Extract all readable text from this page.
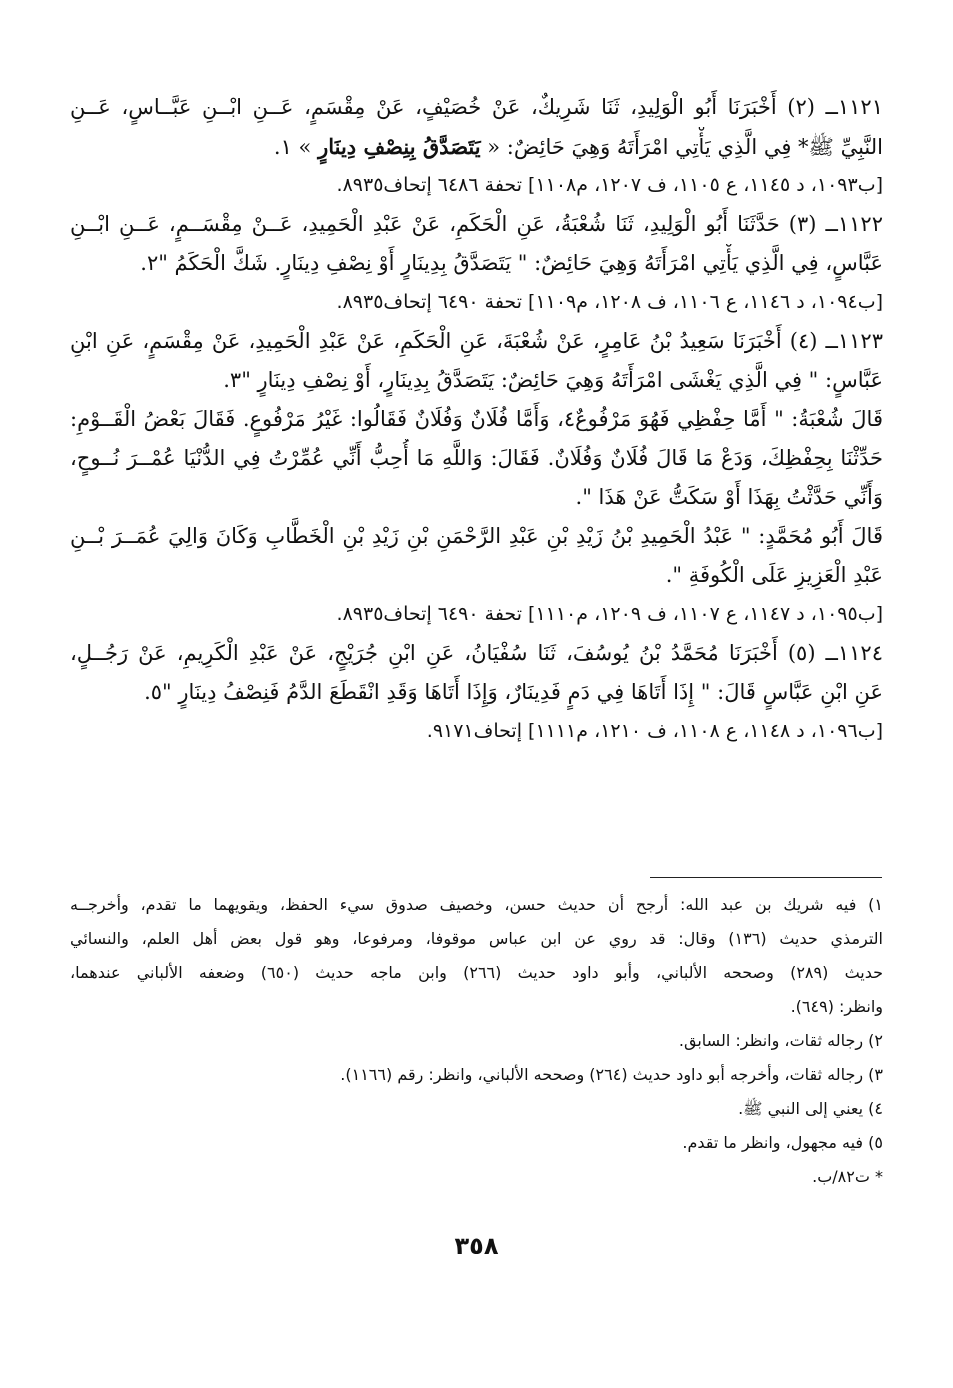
١١٢١ــ (٢) أَخْبَرَنَا أَبُو الْوَلِيدِ، ثَنَا شَرِيكٌ، عَنْ خُصَيْفٍ، عَنْ مِقْسَمٍ، عَــنِ ابْــنِ عَبَّــاسٍ، عَــنِ
النَّبِيِّ ﷺ* فِي الَّذِي يَأْتِي امْرَأَتَهُ وَهِيَ حَائِضٌ: « يَتَصَدَّقُ بِنِصْفِ دِينَارٍ » ١.
[ب١٠٩٣، د ١١٤٥، ع ١١٠٥، ف ١٢٠٧، م١١٠٨] تحفة ٦٤٨٦ إتحاف٨٩٣٥.
١١٢٢ــ (٣) حَدَّثَنَا أَبُو الْوَلِيدِ، ثَنَا شُعْبَةُ، عَنِ الْحَكَمِ، عَنْ عَبْدِ الْحَمِيدِ، عَــنْ مِقْسَــمٍ، عَــنِ ابْــنِ
عَبَّاسٍ، فِي الَّذِي يَأْتِي امْرَأَتَهُ وَهِيَ حَائِضٌ: " يَتَصَدَّقُ بِدِينَارٍ أَوْ نِصْفِ دِينَارٍ. شَكَّ الْحَكَمُ "٢.
[ب١٠٩٤، د ١١٤٦، ع ١١٠٦، ف ١٢٠٨، م١١٠٩] تحفة ٦٤٩٠ إتحاف٨٩٣٥.
١١٢٣ــ (٤) أَخْبَرَنَا سَعِيدُ بْنُ عَامِرٍ، عَنْ شُعْبَةَ، عَنِ الْحَكَمِ، عَنْ عَبْدِ الْحَمِيدِ، عَنْ مِقْسَمٍ، عَنِ ابْنِ
عَبَّاسٍ: " فِي الَّذِي يَغْشَى امْرَأَتَهُ وَهِيَ حَائِضٌ: يَتَصَدَّقُ بِدِينَارٍ، أَوْ نِصْفِ دِينَارٍ "٣.
قَالَ شُعْبَةُ: " أَمَّا حِفْظِي فَهُوَ مَرْفُوعٌ٤، وَأَمَّا فُلَانٌ وَفُلَانٌ فَقَالُوا: غَيْرُ مَرْفُوعٍ. فَقَالَ بَعْضُ الْقَــوْمِ:
حَدِّثْنَا بِحِفْظِكَ، وَدَعْ مَا قَالَ فُلَانٌ وَفُلَانٌ. فَقَالَ: وَاللَّهِ مَا أُحِبُّ أَنِّي عُمِّرْتُ فِي الدُّنْيَا عُمْــرَ نُــوحٍ،
وَأَنِّي حَدَّثْتُ بِهَذَا أَوْ سَكَتُّ عَنْ هَذَا ".
قَالَ أَبُو مُحَمَّدٍ: " عَبْدُ الْحَمِيدِ بْنُ زَيْدِ بْنِ عَبْدِ الرَّحْمَنِ بْنِ زَيْدِ بْنِ الْخَطَّابِ وَكَانَ وَالِيَ عُمَــرَ بْــنِ
عَبْدِ الْعَزِيزِ عَلَى الْكُوفَةِ ".
[ب١٠٩٥، د ١١٤٧، ع ١١٠٧، ف ١٢٠٩، م١١١٠] تحفة ٦٤٩٠ إتحاف٨٩٣٥.
١١٢٤ــ (٥) أَخْبَرَنَا مُحَمَّدُ بْنُ يُوسُفَ، ثَنَا سُفْيَانُ، عَنِ ابْنِ جُرَيْجٍ، عَنْ عَبْدِ الْكَرِيمِ، عَنْ رَجُــلٍ،
عَنِ ابْنِ عَبَّاسٍ قَالَ: " إِذَا أَتَاهَا فِي دَمٍ فَدِينَارٌ، وَإِذَا أَتَاهَا وَقَدِ انْقَطَعَ الدَّمُ فَنِصْفُ دِينَارٍ "٥.
[ب١٠٩٦، د ١١٤٨، ع ١١٠٨، ف ١٢١٠، م١١١١] إتحاف٩١٧١.
١) فيه شريك بن عبد الله: أرجح أن حديث حسن، وخصيف صدوق سيء الحفظ، ويقويهما ما تقدم، وأخرجــه
الترمذي حديث (١٣٦) وقال: قد روي عن ابن عباس موقوفا، ومرفوعا، وهو قول بعض أهل العلم، والنسائي
حديث (٢٨٩) وصححه الألباني، وأبو داود حديث (٢٦٦) وابن ماجه حديث (٦٥٠) وضعفه الألباني عندهما،
وانظر: (٦٤٩).
٢) رجاله ثقات، وانظر: السابق.
٣) رجاله ثقات، وأخرجه أبو داود حديث (٢٦٤) وصححه الألباني، وانظر: رقم (١١٦٦).
٤) يعني إلى النبي ﷺ.
٥) فيه مجهول، وانظر ما تقدم.
* ت٨٢/ب.
٣٥٨
